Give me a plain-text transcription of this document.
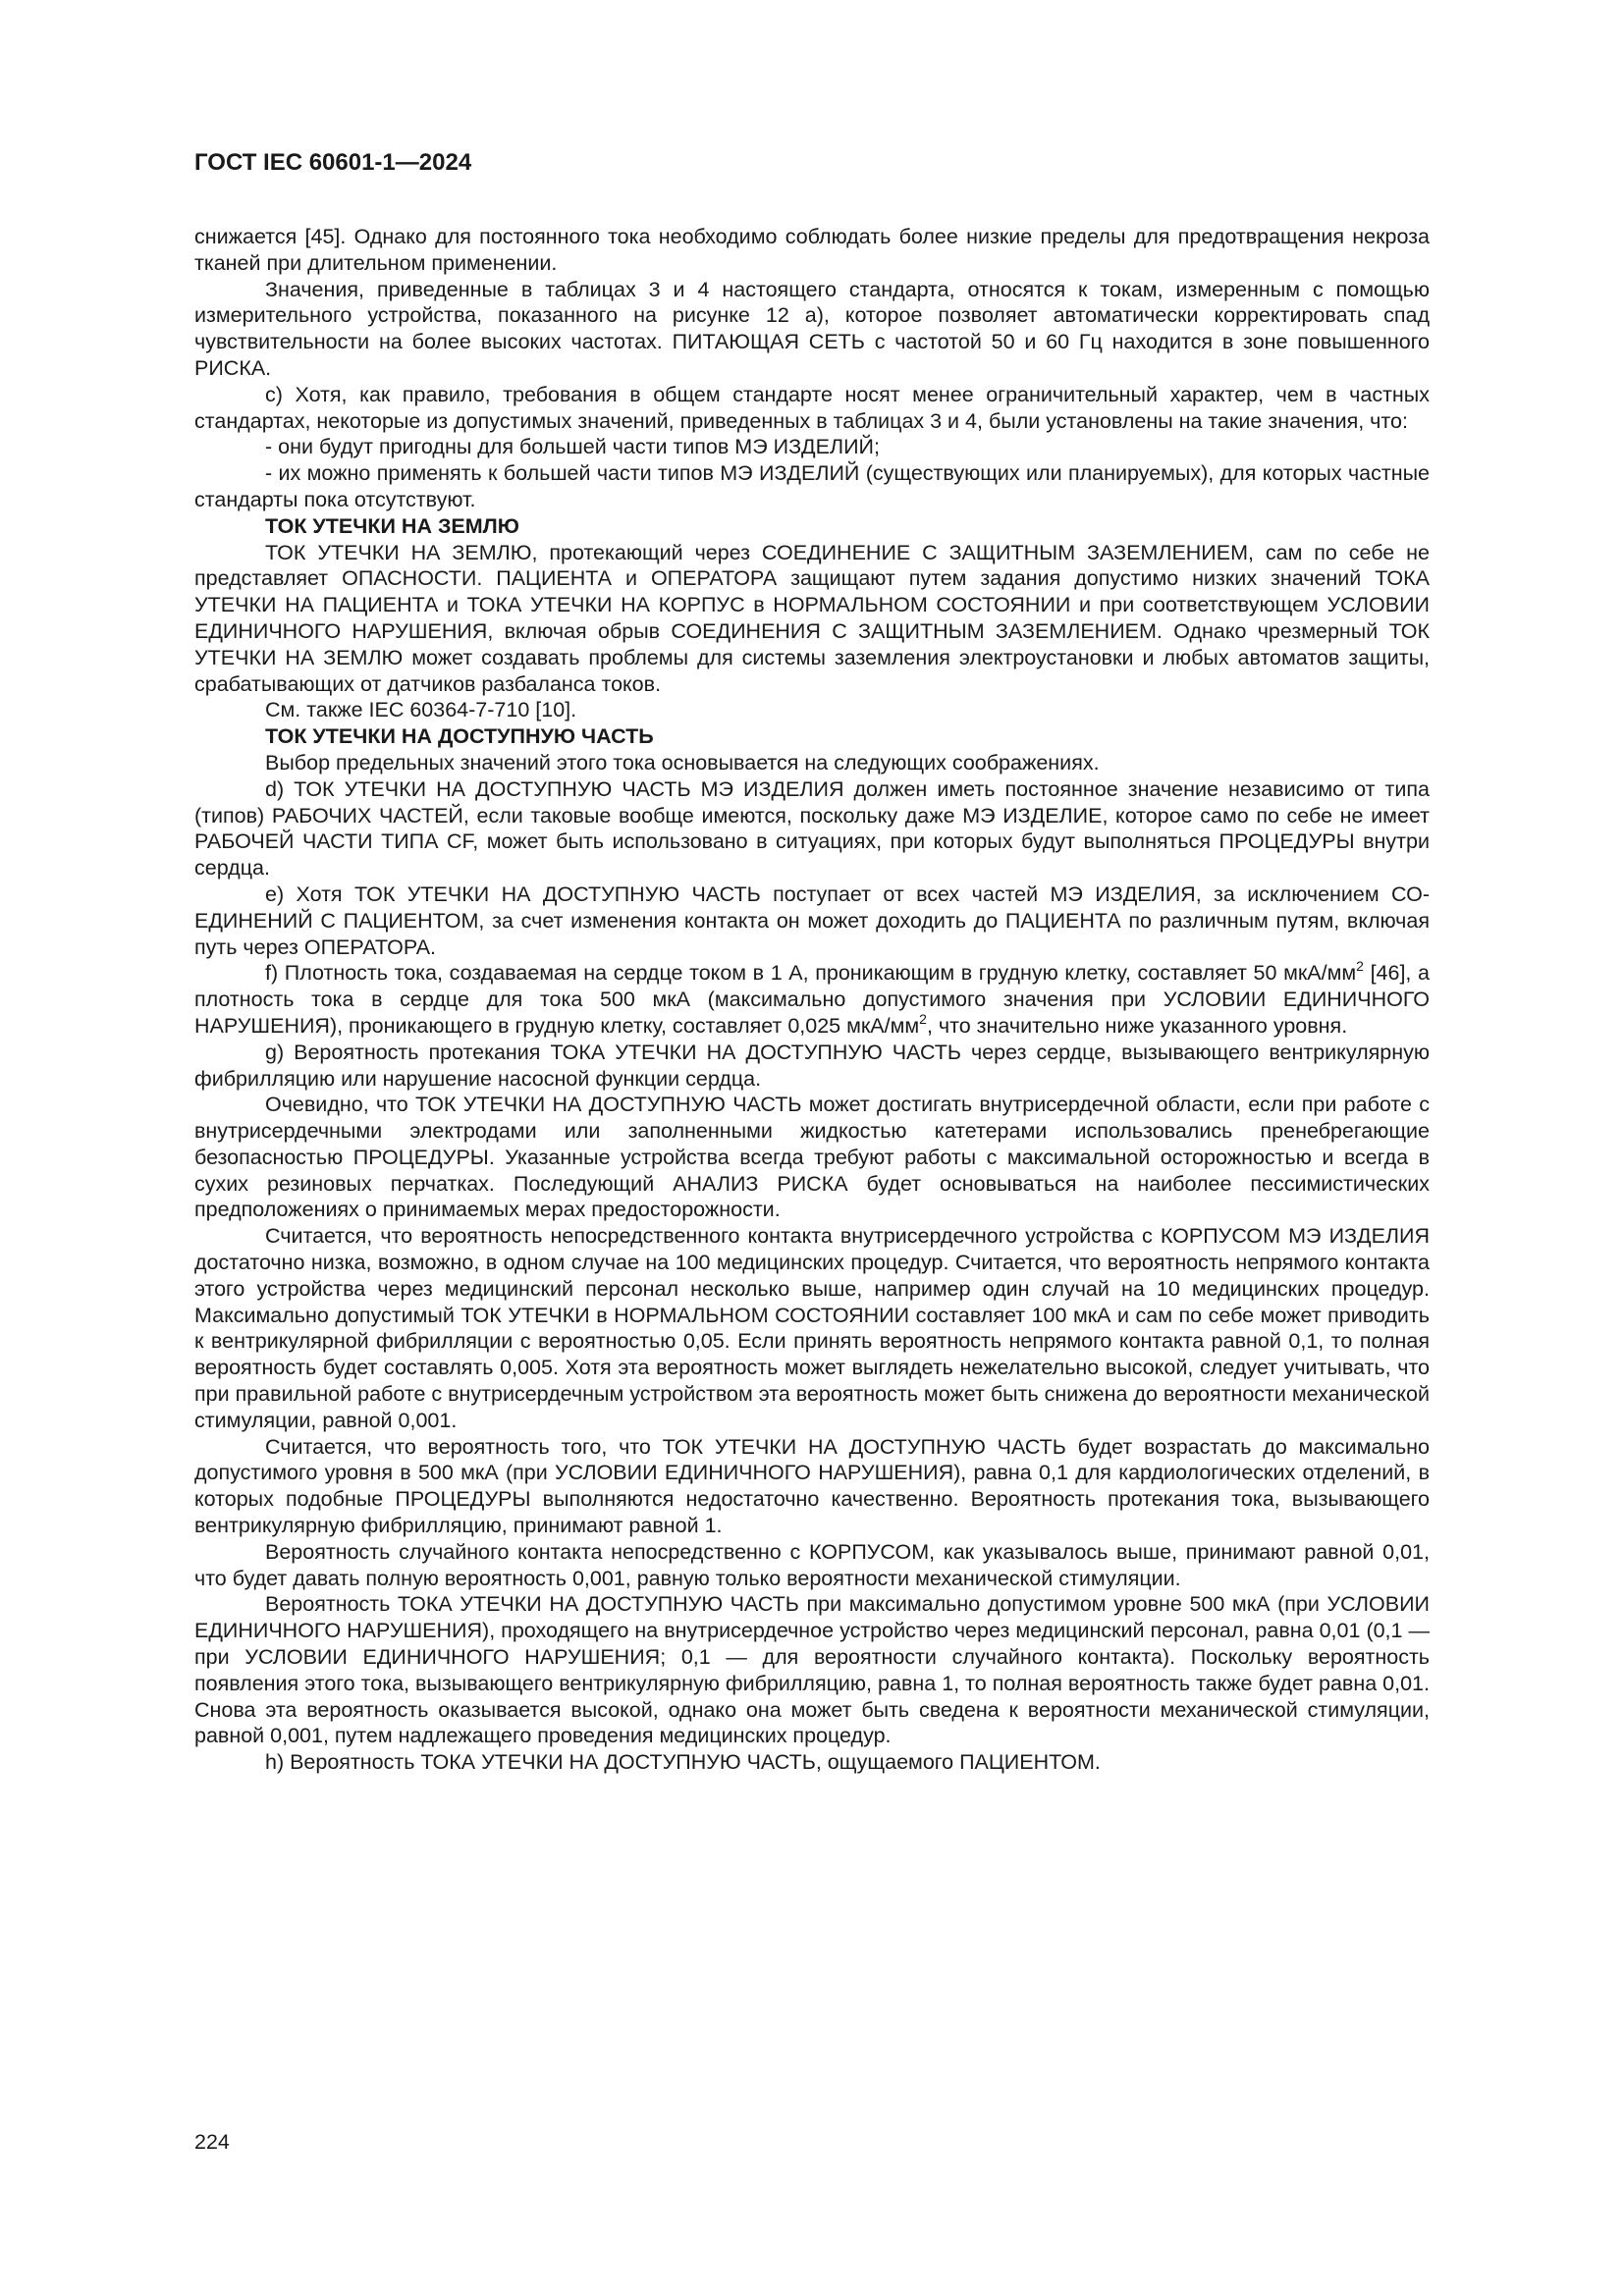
ГОСТ IEC 60601-1—2024

снижается [45]. Однако для постоянного тока необходимо соблюдать более низкие пределы для предотвращения некроза тканей при длительном применении.

Значения, приведенные в таблицах 3 и 4 настоящего стандарта, относятся к токам, измеренным с помощью измерительного устройства, показанного на рисунке 12 а), которое позволяет автоматически корректировать спад чувствительности на более высоких частотах. ПИТАЮЩАЯ СЕТЬ с частотой 50 и 60 Гц находится в зоне повышенного РИСКА.

c) Хотя, как правило, требования в общем стандарте носят менее ограничительный характер, чем в частных стандартах, некоторые из допустимых значений, приведенных в таблицах 3 и 4, были установлены на такие значения, что:

- они будут пригодны для большей части типов МЭ ИЗДЕЛИЙ;

- их можно применять к большей части типов МЭ ИЗДЕЛИЙ (существующих или планируемых), для которых частные стандарты пока отсутствуют.

ТОК УТЕЧКИ НА ЗЕМЛЮ

ТОК УТЕЧКИ НА ЗЕМЛЮ, протекающий через СОЕДИНЕНИЕ С ЗАЩИТНЫМ ЗАЗЕМЛЕНИЕМ, сам по себе не представляет ОПАСНОСТИ. ПАЦИЕНТА и ОПЕРАТОРА защищают путем задания допустимо низких значений ТОКА УТЕЧКИ НА ПАЦИЕНТА и ТОКА УТЕЧКИ НА КОРПУС в НОРМАЛЬНОМ СОСТОЯНИИ и при соответствующем УСЛОВИИ ЕДИНИЧНОГО НАРУШЕНИЯ, включая обрыв СОЕДИНЕНИЯ С ЗАЩИТНЫМ ЗАЗЕМЛЕНИЕМ. Однако чрезмерный ТОК УТЕЧКИ НА ЗЕМЛЮ может создавать проблемы для системы заземления электроустановки и любых автоматов защиты, срабатывающих от датчиков разбаланса токов.

См. также IEC 60364-7-710 [10].

ТОК УТЕЧКИ НА ДОСТУПНУЮ ЧАСТЬ

Выбор предельных значений этого тока основывается на следующих соображениях.

d) ТОК УТЕЧКИ НА ДОСТУПНУЮ ЧАСТЬ МЭ ИЗДЕЛИЯ должен иметь постоянное значение независимо от типа (типов) РАБОЧИХ ЧАСТЕЙ, если таковые вообще имеются, поскольку даже МЭ ИЗДЕЛИЕ, которое само по себе не имеет РАБОЧЕЙ ЧАСТИ ТИПА CF, может быть использовано в ситуациях, при которых будут выполняться ПРОЦЕДУРЫ внутри сердца.

e) Хотя ТОК УТЕЧКИ НА ДОСТУПНУЮ ЧАСТЬ поступает от всех частей МЭ ИЗДЕЛИЯ, за исключением СОЕДИНЕНИЙ С ПАЦИЕНТОМ, за счет изменения контакта он может доходить до ПАЦИЕНТА по различным путям, включая путь через ОПЕРАТОРА.

f) Плотность тока, создаваемая на сердце током в 1 А, проникающим в грудную клетку, составляет 50 мкА/$мм^2$ [46], а плотность тока в сердце для тока 500 мкА (максимально допустимого значения при УСЛОВИИ ЕДИНИЧНОГО НАРУШЕНИЯ), проникающего в грудную клетку, составляет 0,025 мкА/$мм^2$, что значительно ниже указанного уровня.

g) Вероятность протекания ТОКА УТЕЧКИ НА ДОСТУПНУЮ ЧАСТЬ через сердце, вызывающего вентрикулярную фибрилляцию или нарушение насосной функции сердца.

Очевидно, что ТОК УТЕЧКИ НА ДОСТУПНУЮ ЧАСТЬ может достигать внутрисердечной области, если при работе с внутрисердечными электродами или заполненными жидкостью катетерами использовались пренебрегающие безопасностью ПРОЦЕДУРЫ. Указанные устройства всегда требуют работы с максимальной осторожностью и всегда в сухих резиновых перчатках. Последующий АНАЛИЗ РИСКА будет основываться на наиболее пессимистических предположениях о принимаемых мерах предосторожности.

Считается, что вероятность непосредственного контакта внутрисердечного устройства с КОРПУСОМ МЭ ИЗДЕЛИЯ достаточно низка, возможно, в одном случае на 100 медицинских процедур. Считается, что вероятность непрямого контакта этого устройства через медицинский персонал несколько выше, например один случай на 10 медицинских процедур. Максимально допустимый ТОК УТЕЧКИ в НОРМАЛЬНОМ СОСТОЯНИИ составляет 100 мкА и сам по себе может приводить к вентрикулярной фибрилляции с вероятностью 0,05. Если принять вероятность непрямого контакта равной 0,1, то полная вероятность будет составлять 0,005. Хотя эта вероятность может выглядеть нежелательно высокой, следует учитывать, что при правильной работе с внутрисердечным устройством эта вероятность может быть снижена до вероятности механической стимуляции, равной 0,001.

Считается, что вероятность того, что ТОК УТЕЧКИ НА ДОСТУПНУЮ ЧАСТЬ будет возрастать до максимально допустимого уровня в 500 мкА (при УСЛОВИИ ЕДИНИЧНОГО НАРУШЕНИЯ), равна 0,1 для кардиологических отделений, в которых подобные ПРОЦЕДУРЫ выполняются недостаточно качественно. Вероятность протекания тока, вызывающего вентрикулярную фибрилляцию, принимают равной 1.

Вероятность случайного контакта непосредственно с КОРПУСОМ, как указывалось выше, принимают равной 0,01, что будет давать полную вероятность 0,001, равную только вероятности механической стимуляции.

Вероятность ТОКА УТЕЧКИ НА ДОСТУПНУЮ ЧАСТЬ при максимально допустимом уровне 500 мкА (при УСЛОВИИ ЕДИНИЧНОГО НАРУШЕНИЯ), проходящего на внутрисердечное устройство через медицинский персонал, равна 0,01 (0,1 — при УСЛОВИИ ЕДИНИЧНОГО НАРУШЕНИЯ; 0,1 — для вероятности случайного контакта). Поскольку вероятность появления этого тока, вызывающего вентрикулярную фибрилляцию, равна 1, то полная вероятность также будет равна 0,01. Снова эта вероятность оказывается высокой, однако она может быть сведена к вероятности механической стимуляции, равной 0,001, путем надлежащего проведения медицинских процедур.

h) Вероятность ТОКА УТЕЧКИ НА ДОСТУПНУЮ ЧАСТЬ, ощущаемого ПАЦИЕНТОМ.

224
